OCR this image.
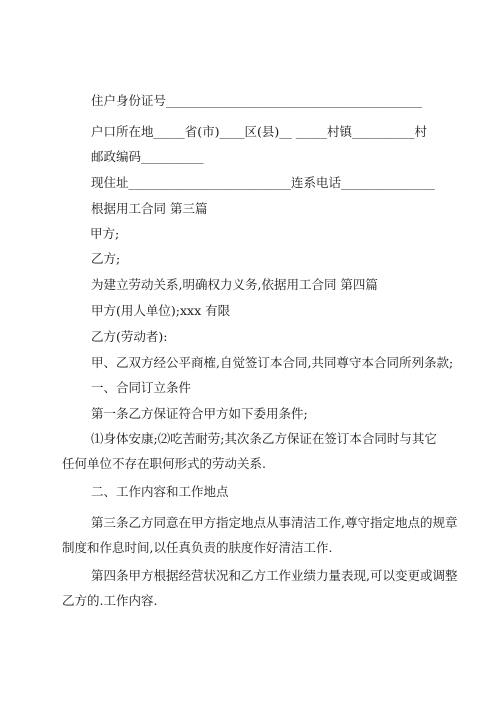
住户身份证号_________________________________________
户口所在地_____省(市)____区(县)__ _____村镇__________村
邮政编码__________
现住址__________________________连系电话_______________
根据用工合同 第三篇
甲方;
乙方;
为建立劳动关系,明确权力义务,依据用工合同 第四篇
甲方(用人单位);xxx 有限
乙方(劳动者):
甲、乙双方经公平商榷,自觉签订本合同,共同尊守本合同所列条款;
一、合同订立条件
第一条乙方保证符合甲方如下委用条件;
⑴身体安康;⑵吃苦耐劳;其次条乙方保证在签订本合同时与其它
任何单位不存在职何形式的劳动关系.
二、工作内容和工作地点
第三条乙方同意在甲方指定地点从事清洁工作,尊守指定地点的规章
制度和作息时间,以任真负责的肤度作好清洁工作.
第四条甲方根据经营状况和乙方工作业绩力量表现,可以变更或调整
乙方的.工作内容.
